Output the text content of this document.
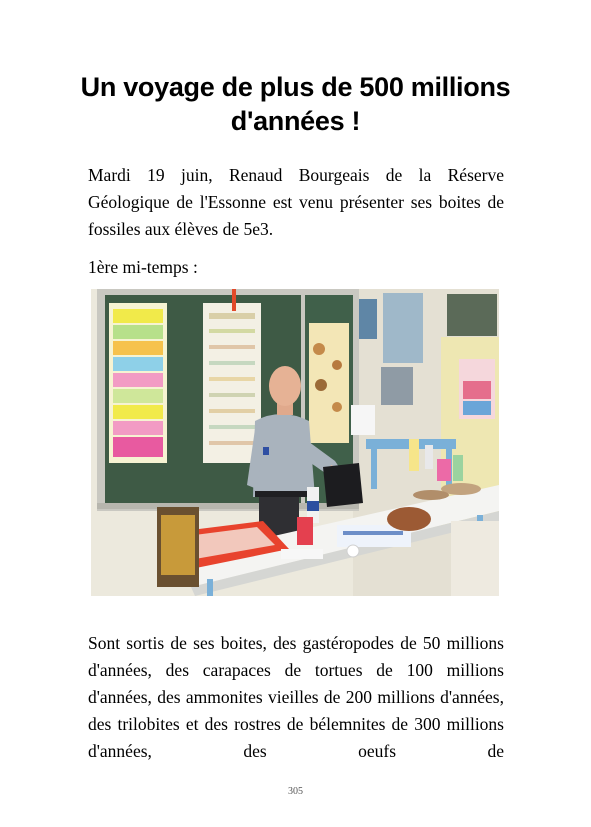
Un voyage de plus de 500 millions d'années !

Mardi 19 juin, Renaud Bourgeais de la Réserve Géologique de l'Essonne est venu présenter ses boites de fossiles aux élèves de 5e3.

1ère mi-temps :

Sont sortis de ses boites, des gastéropodes de 50 millions d'années, des carapaces de tortues de 100 millions d'années, des ammonites vieilles de 200 millions d'années, des trilobites et des rostres de bélemnites de 300 millions d'années, des oeufs de

305
